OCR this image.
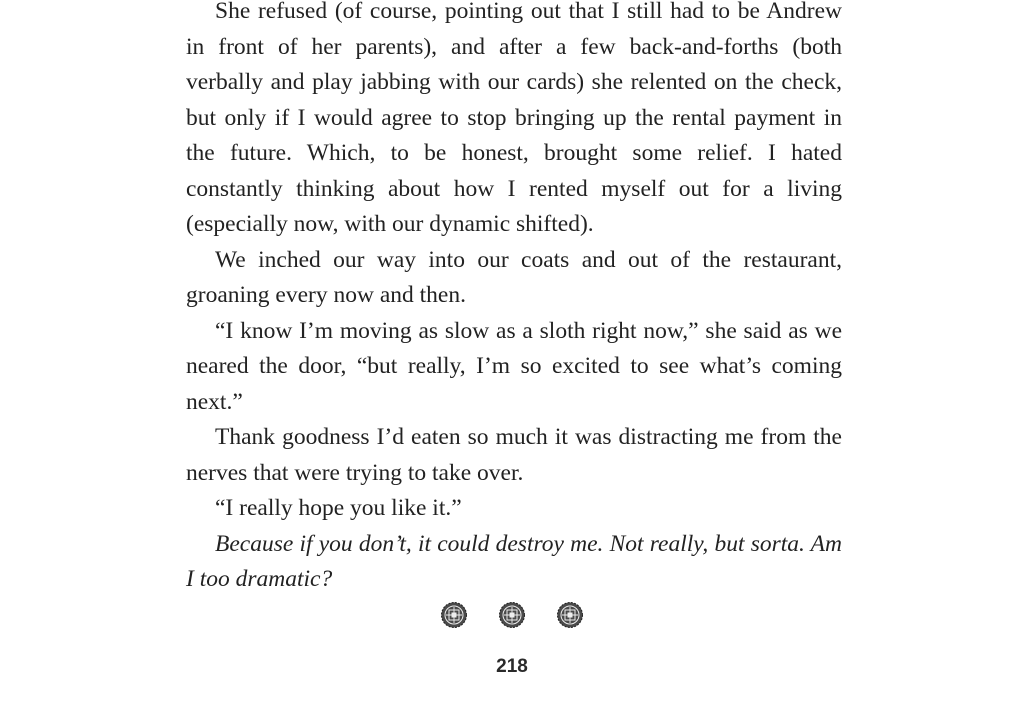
She refused (of course, pointing out that I still had to be Andrew in front of her parents), and after a few back-and-forths (both verbally and play jabbing with our cards) she relented on the check, but only if I would agree to stop bringing up the rental payment in the future. Which, to be honest, brought some relief. I hated constantly thinking about how I rented myself out for a living (especially now, with our dynamic shifted).

We inched our way into our coats and out of the restaurant, groaning every now and then.

“I know I’m moving as slow as a sloth right now,” she said as we neared the door, “but really, I’m so excited to see what’s coming next.”

Thank goodness I’d eaten so much it was distracting me from the nerves that were trying to take over.

“I really hope you like it.”

Because if you don’t, it could destroy me. Not really, but sorta. Am I too dramatic?

218
